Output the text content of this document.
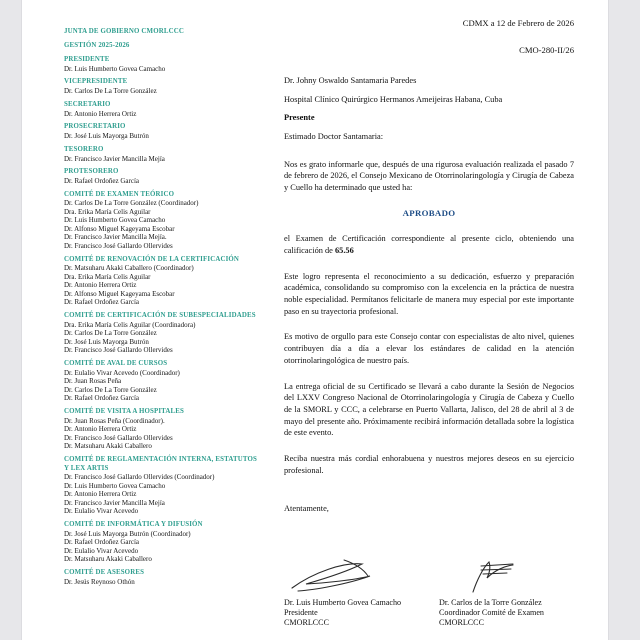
JUNTA DE GOBIERNO CMORLCCC
GESTIÓN 2025-2026
PRESIDENTE
Dr. Luis Humberto Govea Camacho
VICEPRESIDENTE
Dr. Carlos De La Torre González
SECRETARIO
Dr. Antonio Herrera Ortiz
PROSECRETARIO
Dr. José Luis Mayorga Butrón
TESORERO
Dr. Francisco Javier Mancilla Mejía
PROTESORERO
Dr. Rafael Ordoñez García
COMITÉ DE EXAMEN TEÓRICO
Dr. Carlos De La Torre González (Coordinador)
Dra. Erika María Celis Aguilar
Dr. Luis Humberto Govea Camacho
Dr. Alfonso Miguel Kageyama Escobar
Dr. Francisco Javier Mancilla Mejía.
Dr. Francisco José Gallardo Ollervides
COMITÉ DE RENOVACIÓN DE LA CERTIFICACIÓN
Dr. Matsuharu Akaki Caballero (Coordinador)
Dra. Erika María Celis Aguilar
Dr. Antonio Herrera Ortiz
Dr. Alfonso Miguel Kageyama Escobar
Dr. Rafael Ordoñez García
COMITÉ DE CERTIFICACIÓN DE SUBESPECIALIDADES
Dra. Erika María Celis Aguilar (Coordinadora)
Dr. Carlos De La Torre González
Dr. José Luis Mayorga Butrón
Dr. Francisco José Gallardo Ollervides
COMITÉ DE AVAL DE CURSOS
Dr. Eulalio Vivar Acevedo (Coordinador)
Dr. Juan Rosas Peña
Dr. Carlos De La Torre González
Dr. Rafael Ordoñez García
COMITÉ DE VISITA A HOSPITALES
Dr. Juan Rosas Peña (Coordinador).
Dr. Antonio Herrera Ortiz
Dr. Francisco José Gallardo Ollervides
Dr. Matsuharu Akaki Caballero
COMITÉ DE REGLAMENTACIÓN INTERNA, ESTATUTOS
Y LEX ARTIS
Dr. Francisco José Gallardo Ollervides (Coordinador)
Dr. Luis Humberto Govea Camacho
Dr. Antonio Herrera Ortiz
Dr. Francisco Javier Mancilla Mejía
Dr. Eulalio Vivar Acevedo
COMITÉ DE INFORMÁTICA Y DIFUSIÓN
Dr. José Luis Mayorga Butrón (Coordinador)
Dr. Rafael Ordoñez García
Dr. Eulalio Vivar Acevedo
Dr. Matsuharu Akaki Caballero
COMITÉ DE ASESORES
Dr. Jesús Reynoso Othón
CDMX a 12 de Febrero de 2026
CMO-280-II/26
Dr. Johny Oswaldo Santamaria Paredes
Hospital Clínico Quirúrgico Hermanos Ameijeiras Habana, Cuba
Presente
Estimado Doctor Santamaria:
Nos es grato informarle que, después de una rigurosa evaluación realizada el pasado 7 de febrero de 2026, el Consejo Mexicano de Otorrinolaringología y Cirugía de Cabeza y Cuello ha determinado que usted ha:
APROBADO
el Examen de Certificación correspondiente al presente ciclo, obteniendo una calificación de 65.56
Este logro representa el reconocimiento a su dedicación, esfuerzo y preparación académica, consolidando su compromiso con la excelencia en la práctica de nuestra noble especialidad. Permítanos felicitarle de manera muy especial por este importante paso en su trayectoria profesional.
Es motivo de orgullo para este Consejo contar con especialistas de alto nivel, quienes contribuyen día a día a elevar los estándares de calidad en la atención otorrinolaringológica de nuestro país.
La entrega oficial de su Certificado se llevará a cabo durante la Sesión de Negocios del LXXV Congreso Nacional de Otorrinolaringología y Cirugía de Cabeza y Cuello de la SMORL y CCC, a celebrarse en Puerto Vallarta, Jalisco, del 28 de abril al 3 de mayo del presente año. Próximamente recibirá información detallada sobre la logística de este evento.
Reciba nuestra más cordial enhorabuena y nuestros mejores deseos en su ejercicio profesional.
Atentamente,
Dr. Luis Humberto Govea Camacho
Presidente
CMORLCCC
Dr. Carlos de la Torre González
Coordinador Comité de Examen
CMORLCCC
